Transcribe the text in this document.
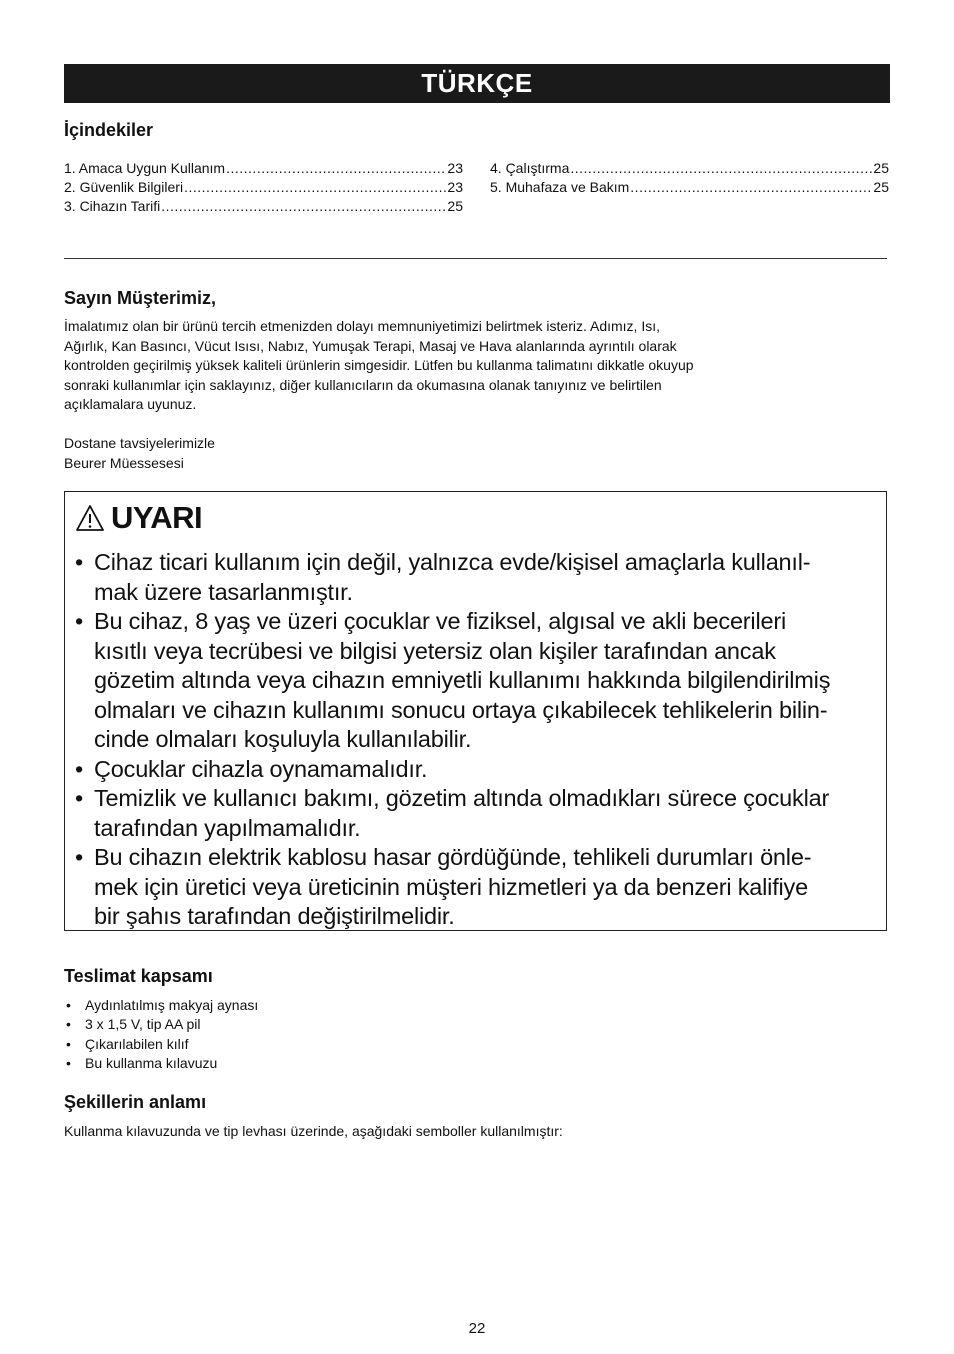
TÜRKÇE
İçindekiler
1. Amaca Uygun Kullanım .....	23
2. Güvenlik Bilgileri .....	23
3. Cihazın Tarifi .....	25
4. Çalıştırma .....	25
5. Muhafaza ve Bakım .....	25
Sayın Müşterimiz,
İmalatımız olan bir ürünü tercih etmenizden dolayı memnuniyetimizi belirtmek isteriz. Adımız, Isı,
Ağırlık, Kan Basıncı, Vücut Isısı, Nabız, Yumuşak Terapi, Masaj ve Hava alanlarında ayrıntılı olarak
kontrolden geçirilmiş yüksek kaliteli ürünlerin simgesidir. Lütfen bu kullanma talimatını dikkatle okuyup
sonraki kullanımlar için saklayınız, diğer kullanıcıların da okumasına olanak tanıyınız ve belirtilen
açıklamalara uyunuz.
Dostane tavsiyelerimizle
Beurer Müessesesi
UYARI
• Cihaz ticari kullanım için değil, yalnızca evde/kişisel amaçlarla kullanıl-
mak üzere tasarlanmıştır.
• Bu cihaz, 8 yaş ve üzeri çocuklar ve fiziksel, algısal ve akli becerileri
kısıtlı veya tecrübesi ve bilgisi yetersiz olan kişiler tarafından ancak
gözetim altında veya cihazın emniyetli kullanımı hakkında bilgilendirilmiş
olmaları ve cihazın kullanımı sonucu ortaya çıkabilecek tehlikelerin bilin-
cinde olmaları koşuluyla kullanılabilir.
• Çocuklar cihazla oynamamalıdır.
• Temizlik ve kullanıcı bakımı, gözetim altında olmadıkları sürece çocuklar
tarafından yapılmamalıdır.
• Bu cihazın elektrik kablosu hasar gördüğünde, tehlikeli durumları önle-
mek için üretici veya üreticinin müşteri hizmetleri ya da benzeri kalifiye
bir şahıs tarafından değiştirilmelidir.
Teslimat kapsamı
• Aydınlatılmış makyaj aynası
• 3 x 1,5 V, tip AA pil
• Çıkarılabilen kılıf
• Bu kullanma kılavuzu
Şekillerin anlamı
Kullanma kılavuzunda ve tip levhası üzerinde, aşağıdaki semboller kullanılmıştır:
22
